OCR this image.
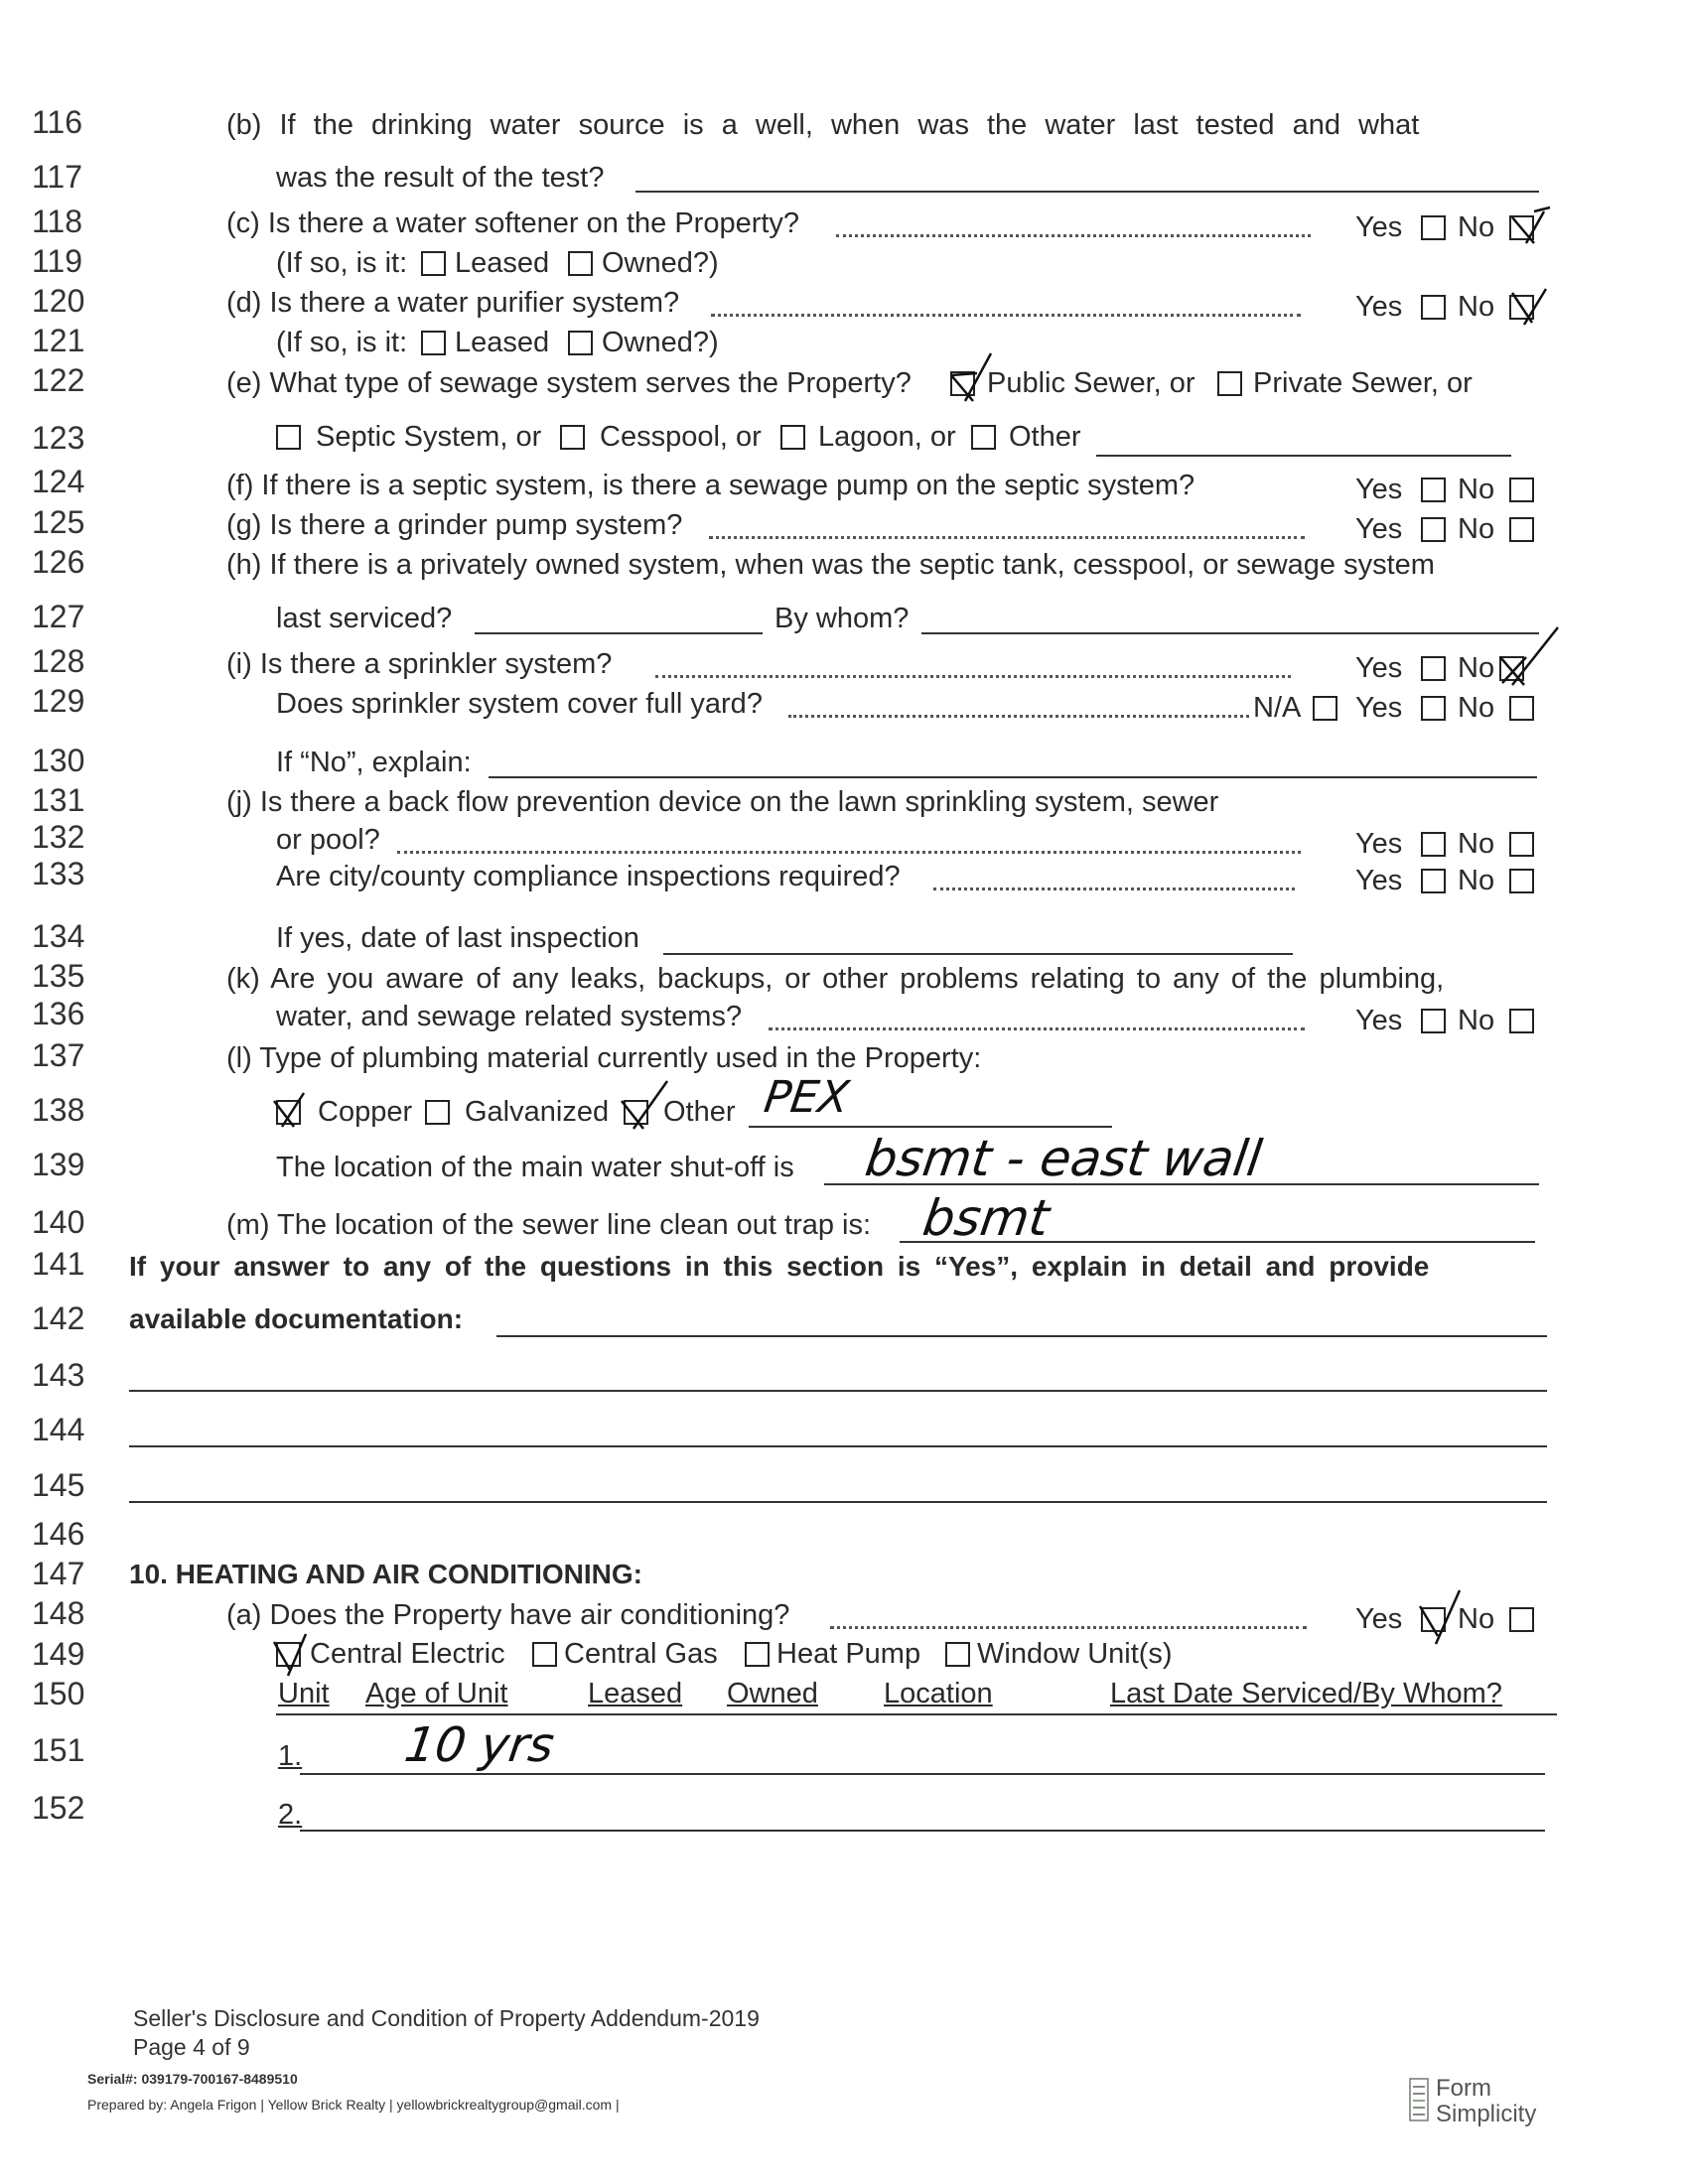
116
117
118
119
120
121
122
123
124
125
126
127
128
129
130
131
132
133
134
135
136
137
138
139
140
141
142
143
144
145
146
147
148
149
150
151
152
(b) If the drinking water source is a well, when was the water last tested and what
was the result of the test?
(c) Is there a water softener on the Property?	Yes No
(If so, is it: Leased Owned?)
(d) Is there a water purifier system?	Yes No
(If so, is it: Leased Owned?)
(e) What type of sewage system serves the Property?	Public Sewer, or Private Sewer, or
Septic System, or Cesspool, or Lagoon, or Other
(f) If there is a septic system, is there a sewage pump on the septic system?	Yes No
(g) Is there a grinder pump system?	Yes No
(h) If there is a privately owned system, when was the septic tank, cesspool, or sewage system
last serviced?	By whom?
(i) Is there a sprinkler system?	Yes No
Does sprinkler system cover full yard?	N/A Yes No
If “No”, explain:
(j) Is there a back flow prevention device on the lawn sprinkling system, sewer
or pool?	Yes No
Are city/county compliance inspections required?	Yes No
If yes, date of last inspection
(k) Are you aware of any leaks, backups, or other problems relating to any of the plumbing,
water, and sewage related systems?	Yes No
(l) Type of plumbing material currently used in the Property:
Copper Galvanized Other PEX
The location of the main water shut-off is bsmt - east wall
(m) The location of the sewer line clean out trap is: bsmt
If your answer to any of the questions in this section is “Yes”, explain in detail and provide
available documentation:
10. HEATING AND AIR CONDITIONING:
(a) Does the Property have air conditioning?	Yes No
Central Electric Central Gas Heat Pump Window Unit(s)
Unit Age of Unit	Leased Owned Location	Last Date Serviced/By Whom?
1. 10 yrs
2.
Seller's Disclosure and Condition of Property Addendum-2019
Page 4 of 9
Serial#: 039179-700167-8489510
Prepared by: Angela Frigon | Yellow Brick Realty | yellowbrickrealtygroup@gmail.com |
Form
Simplicity
